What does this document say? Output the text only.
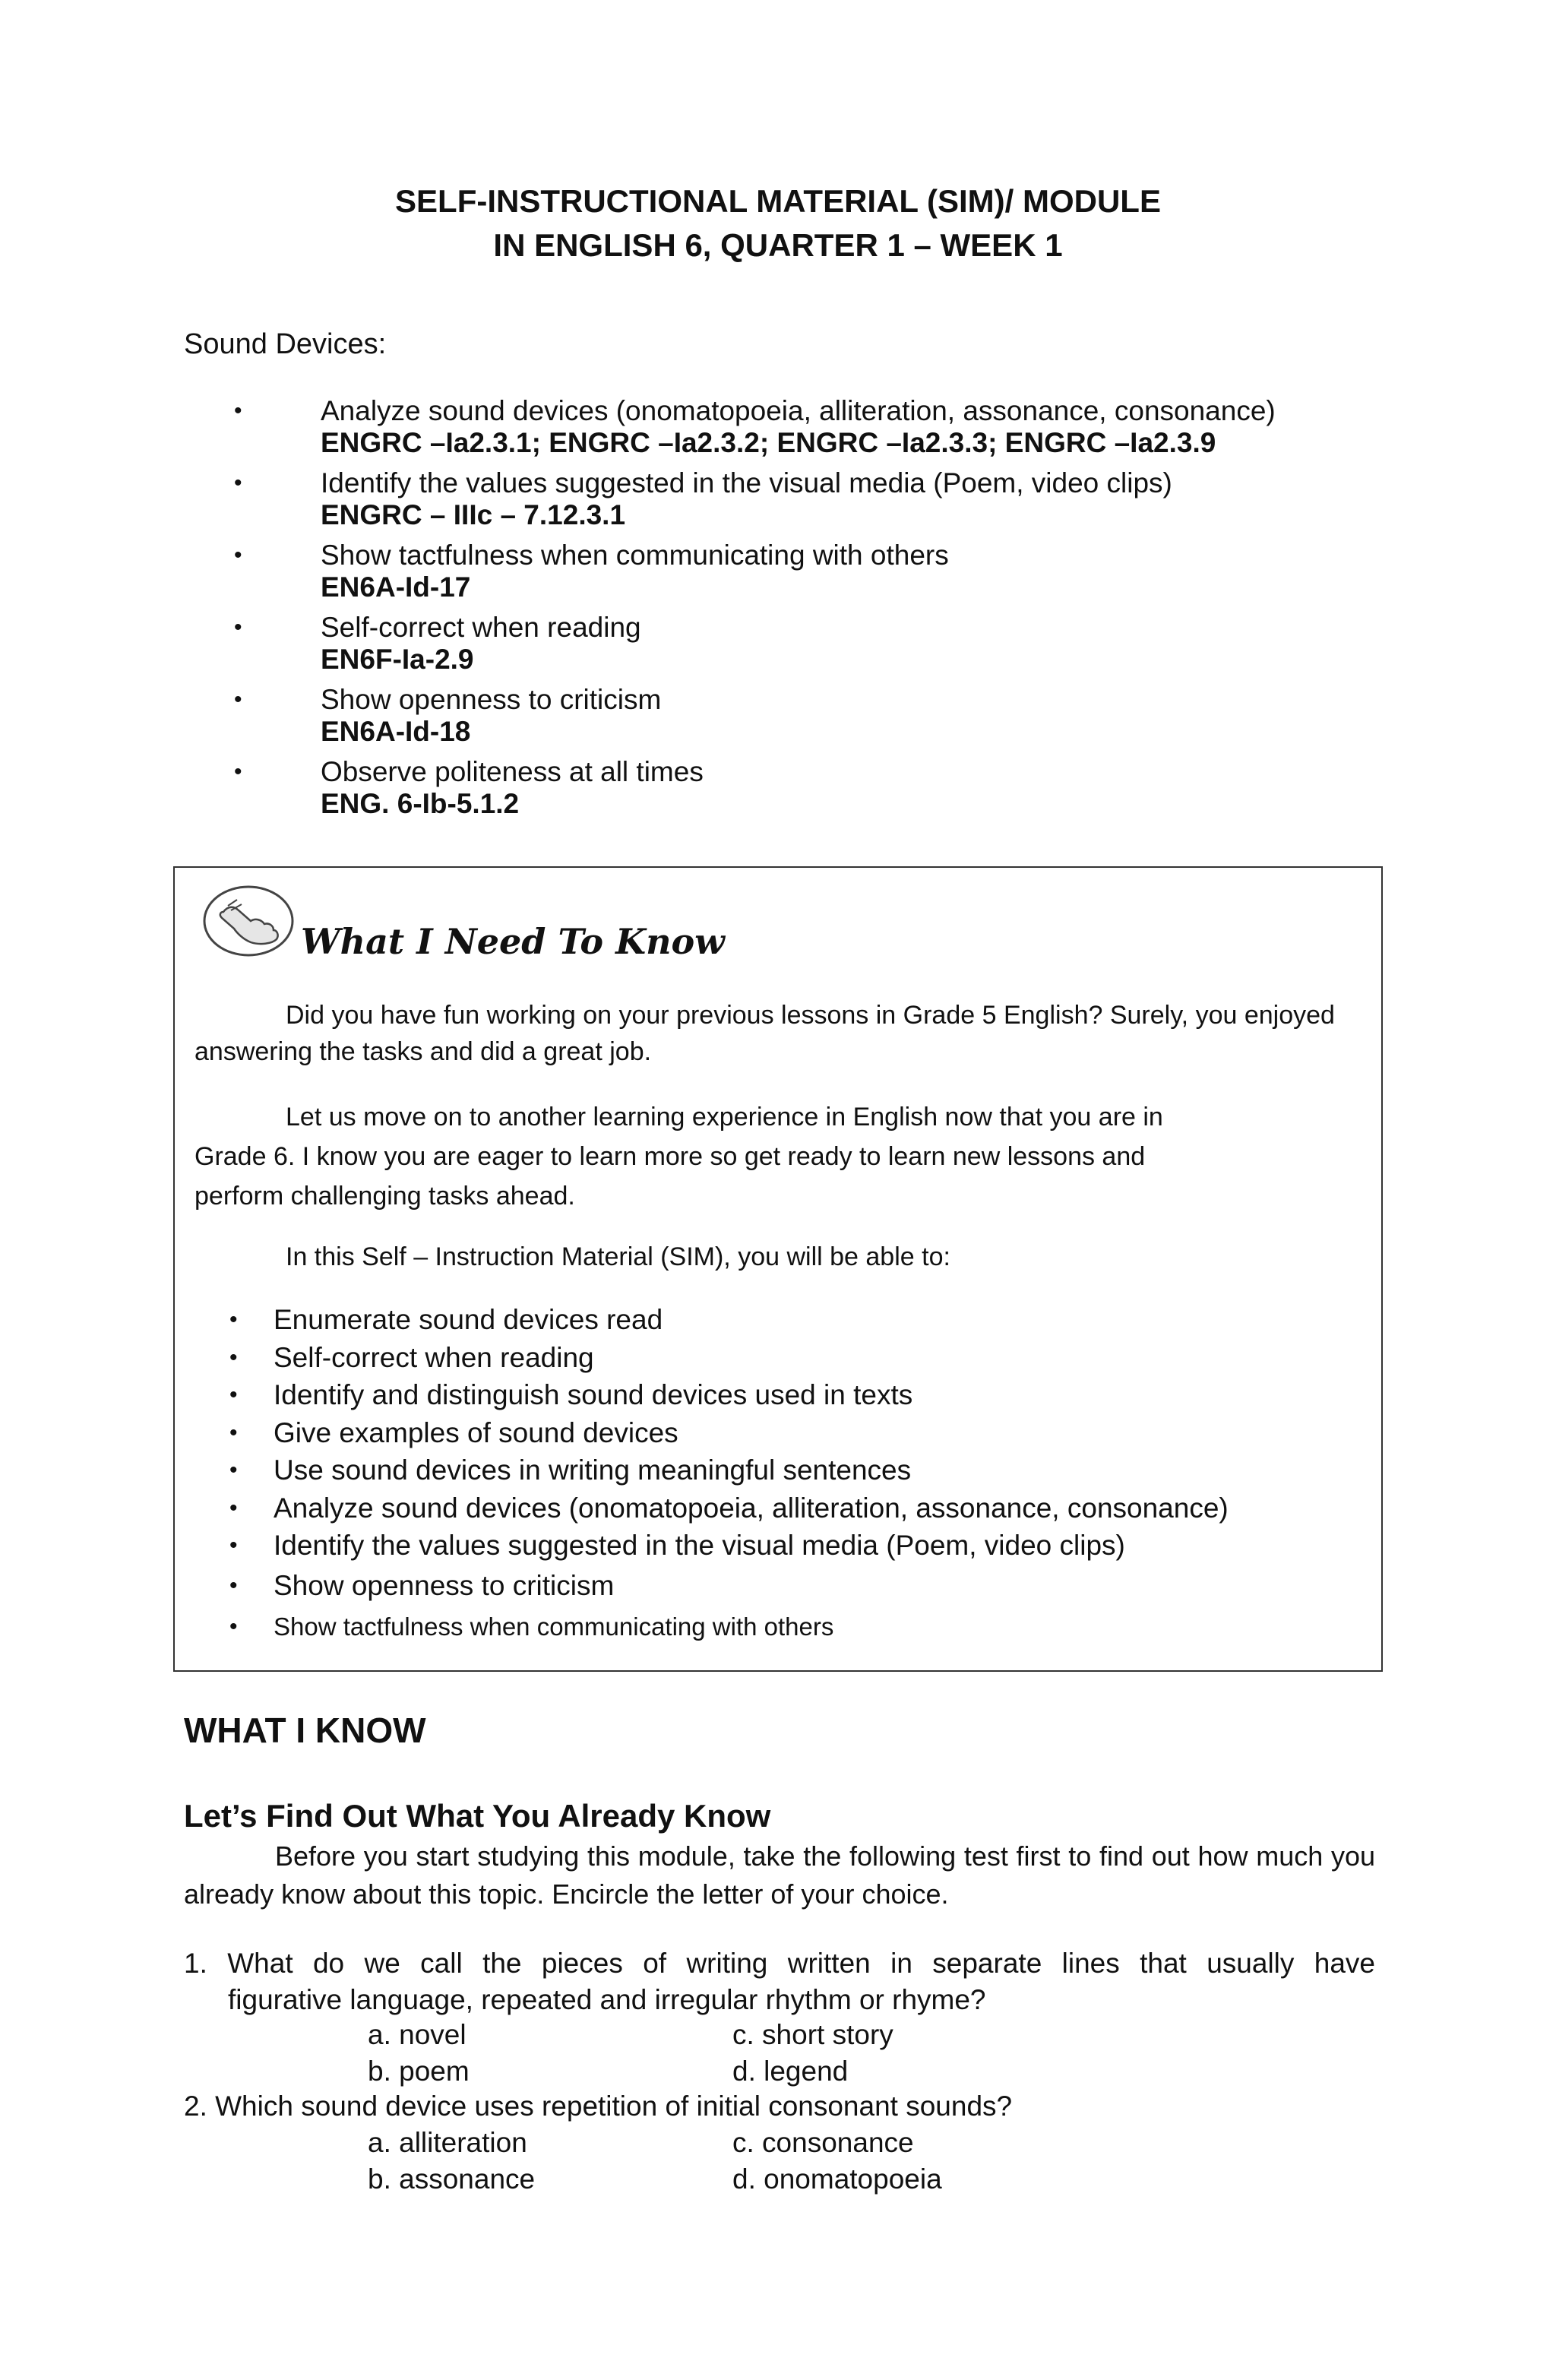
SELF-INSTRUCTIONAL MATERIAL (SIM)/ MODULE
IN ENGLISH 6, QUARTER 1 – WEEK 1
Sound Devices:
•	Analyze sound devices (onomatopoeia, alliteration, assonance, consonance)
ENGRC –Ia2.3.1; ENGRC –Ia2.3.2; ENGRC –Ia2.3.3; ENGRC –Ia2.3.9
•	Identify the values suggested in the visual media (Poem, video clips)
ENGRC – IIIc – 7.12.3.1
•	Show tactfulness when communicating with others
EN6A-Id-17
•	Self-correct when reading
EN6F-Ia-2.9
•	Show openness to criticism
EN6A-Id-18
•	Observe politeness at all times
ENG. 6-Ib-5.1.2
What I Need To Know
Did you have fun working on your previous lessons in Grade 5 English? Surely, you enjoyed answering the tasks and did a great job.
Let us move on to another learning experience in English now that you are in
Grade 6. I know you are eager to learn more so get ready to learn new lessons and
perform challenging tasks ahead.
In this Self – Instruction Material (SIM), you will be able to:
• Enumerate sound devices read
• Self-correct when reading
• Identify and distinguish sound devices used in texts
• Give examples of sound devices
• Use sound devices in writing meaningful sentences
• Analyze sound devices (onomatopoeia, alliteration, assonance, consonance)
• Identify the values suggested in the visual media (Poem, video clips)
• Show openness to criticism
• Show tactfulness when communicating with others
WHAT I KNOW
Let’s Find Out What You Already Know
Before you start studying this module, take the following test first to find out how much you already know about this topic. Encircle the letter of your choice.
1. What do we call the pieces of writing written in separate lines that usually have
figurative language, repeated and irregular rhythm or rhyme?
a. novel	c. short story
b. poem	d. legend
2. Which sound device uses repetition of initial consonant sounds?
a. alliteration	c. consonance
b. assonance	d. onomatopoeia
